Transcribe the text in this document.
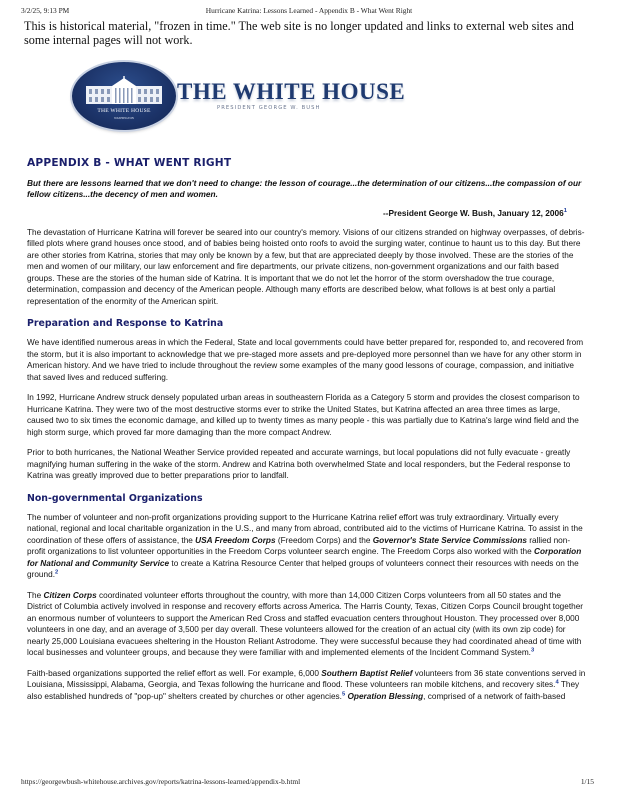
3/2/25, 9:13 PM	Hurricane Katrina: Lessons Learned - Appendix B - What Went Right
This is historical material, "frozen in time." The web site is no longer updated and links to external web sites and some internal pages will not work.
THE WHITE HOUSE
WASHINGTON
THE WHITE HOUSE
PRESIDENT GEORGE W. BUSH
APPENDIX B - WHAT WENT RIGHT
But there are lessons learned that we don't need to change: the lesson of courage...the determination of our citizens...the compassion of our fellow citizens...the decency of men and women.
--President George W. Bush, January 12, 2006$^1$

The devastation of Hurricane Katrina will forever be seared into our country's memory. Visions of our citizens stranded on highway overpasses, of debris-filled plots where grand houses once stood, and of babies being hoisted onto roofs to avoid the surging water, continue to haunt us to this day. But there are other stories from Katrina, stories that may only be known by a few, but that are appreciated deeply by those involved. These are the stories of the men and women of our military, our law enforcement and fire departments, our private citizens, non-government organizations and our faith based groups. These are the stories of the human side of Katrina. It is important that we do not let the horror of the storm overshadow the true courage, determination, compassion and decency of the American people. Although many efforts are described below, what follows is at best only a partial representation of the enormity of the American spirit.

Preparation and Response to Katrina

We have identified numerous areas in which the Federal, State and local governments could have better prepared for, responded to, and recovered from the storm, but it is also important to acknowledge that we pre-staged more assets and pre-deployed more personnel than we have for any other storm in American history. And we have tried to include throughout the review some examples of the many good lessons of courage, compassion, and initiative that saved lives and reduced suffering.

In 1992, Hurricane Andrew struck densely populated urban areas in southeastern Florida as a Category 5 storm and provides the closest comparison to Hurricane Katrina. They were two of the most destructive storms ever to strike the United States, but Katrina affected an area three times as large, caused two to six times the economic damage, and killed up to twenty times as many people - this was partially due to Katrina's large wind field and the high storm surge, which proved far more damaging than the more compact Andrew.

Prior to both hurricanes, the National Weather Service provided repeated and accurate warnings, but local populations did not fully evacuate - greatly magnifying human suffering in the wake of the storm. Andrew and Katrina both overwhelmed State and local responders, but the Federal response to Katrina was greatly improved due to better preparations prior to landfall.

Non-governmental Organizations

The number of volunteer and non-profit organizations providing support to the Hurricane Katrina relief effort was truly extraordinary. Virtually every national, regional and local charitable organization in the U.S., and many from abroad, contributed aid to the victims of Hurricane Katrina. To assist in the coordination of these offers of assistance, the USA Freedom Corps (Freedom Corps) and the Governor's State Service Commissions rallied non-profit organizations to list volunteer opportunities in the Freedom Corps volunteer search engine. The Freedom Corps also worked with the Corporation for National and Community Service to create a Katrina Resource Center that helped groups of volunteers connect their resources with needs on the ground.$^2$

The Citizen Corps coordinated volunteer efforts throughout the country, with more than 14,000 Citizen Corps volunteers from all 50 states and the District of Columbia actively involved in response and recovery efforts across America. The Harris County, Texas, Citizen Corps Council brought together an enormous number of volunteers to support the American Red Cross and staffed evacuation centers throughout Houston. They processed over 8,000 volunteers in one day, and an average of 3,500 per day overall. These volunteers allowed for the creation of an actual city (with its own zip code) for nearly 25,000 Louisiana evacuees sheltering in the Houston Reliant Astrodome. They were successful because they had coordinated ahead of time with local businesses and volunteer groups, and because they were familiar with and implemented elements of the Incident Command System.$^3$

Faith-based organizations supported the relief effort as well. For example, 6,000 Southern Baptist Relief volunteers from 36 state conventions served in Louisiana, Mississippi, Alabama, Georgia, and Texas following the hurricane and flood. These volunteers ran mobile kitchens, and recovery sites.$^4$ They also established hundreds of "pop-up" shelters created by churches or other agencies.$^5$ Operation Blessing, comprised of a network of faith-based

https://georgewbush-whitehouse.archives.gov/reports/katrina-lessons-learned/appendix-b.html	1/15
